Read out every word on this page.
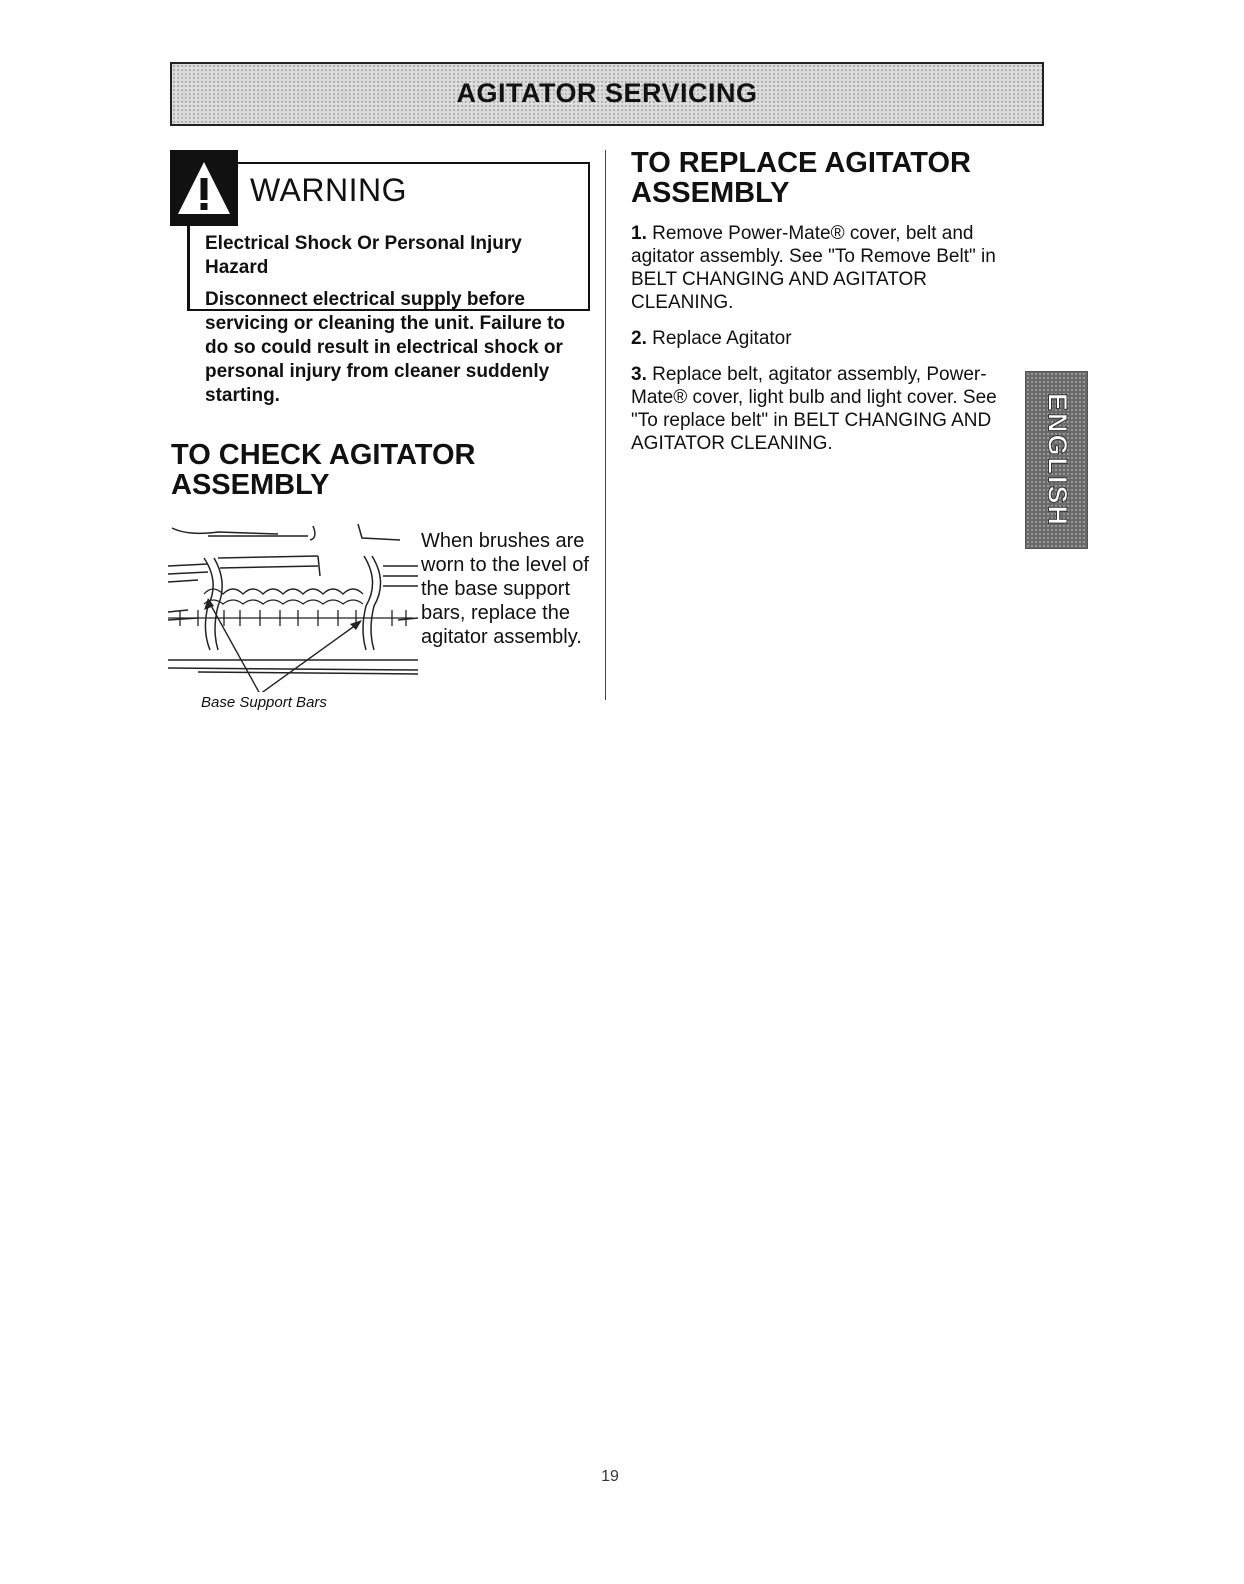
AGITATOR SERVICING
WARNING

Electrical Shock Or Personal Injury Hazard

Disconnect electrical supply before servicing or cleaning the unit. Failure to do so could result in electrical shock or personal injury from cleaner suddenly starting.

TO CHECK AGITATOR ASSEMBLY
Base Support Bars
When brushes are worn to the level of the base support bars, replace the agitator assembly.
TO REPLACE AGITATOR ASSEMBLY

1. Remove Power-Mate® cover, belt and agitator assembly. See "To Remove Belt" in BELT CHANGING AND AGITATOR CLEANING.

2. Replace Agitator

3. Replace belt, agitator assembly, Power-Mate® cover, light bulb and light cover. See "To replace belt" in BELT CHANGING AND AGITATOR CLEANING.	ENGLISH
19
